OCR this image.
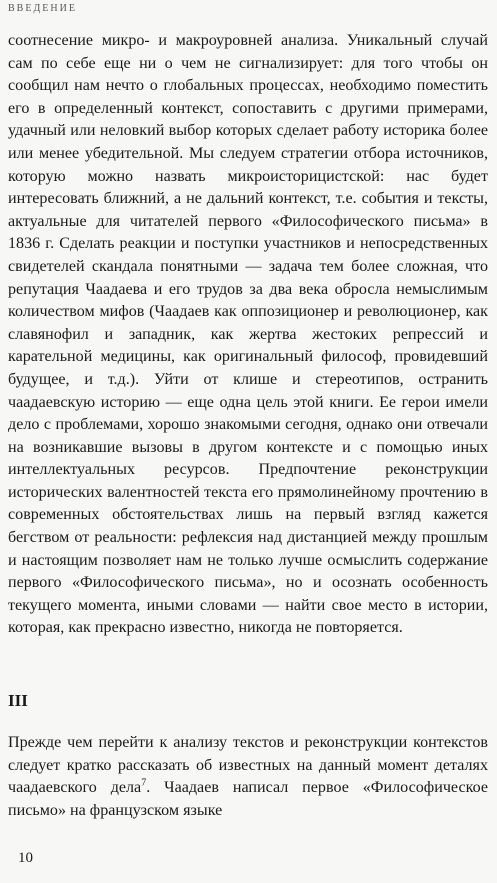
ВВЕДЕНИЕ

соотнесение микро- и макроуровней анализа. Уникальный случай сам по себе еще ни о чем не сигнализирует: для того чтобы он сообщил нам нечто о глобальных процессах, необходимо поместить его в определенный контекст, сопоставить с другими примерами, удачный или неловкий выбор которых сделает работу историка более или менее убедительной. Мы следуем стратегии отбора источников, которую можно назвать микроисторицистской: нас будет интересовать ближний, а не дальний контекст, т.е. события и тексты, актуальные для читателей первого «Философического письма» в 1836 г. Сделать реакции и поступки участников и непосредственных свидетелей скандала понятными — задача тем более сложная, что репутация Чаадаева и его трудов за два века обросла немыслимым количеством мифов (Чаадаев как оппозиционер и революционер, как славянофил и западник, как жертва жестоких репрессий и карательной медицины, как оригинальный философ, провидевший будущее, и т.д.). Уйти от клише и стереотипов, остранить чаадаевскую историю — еще одна цель этой книги. Ее герои имели дело с проблемами, хорошо знакомыми сегодня, однако они отвечали на возникавшие вызовы в другом контексте и с помощью иных интеллектуальных ресурсов. Предпочтение реконструкции исторических валентностей текста его прямолинейному прочтению в современных обстоятельствах лишь на первый взгляд кажется бегством от реальности: рефлексия над дистанцией между прошлым и настоящим позволяет нам не только лучше осмыслить содержание первого «Философического письма», но и осознать особенность текущего момента, иными словами — найти свое место в истории, которая, как прекрасно известно, никогда не повторяется.

III

Прежде чем перейти к анализу текстов и реконструкции контекстов следует кратко рассказать об известных на данный момент деталях чаадаевского дела$^7$. Чаадаев написал первое «Философическое письмо» на французском языке

10
